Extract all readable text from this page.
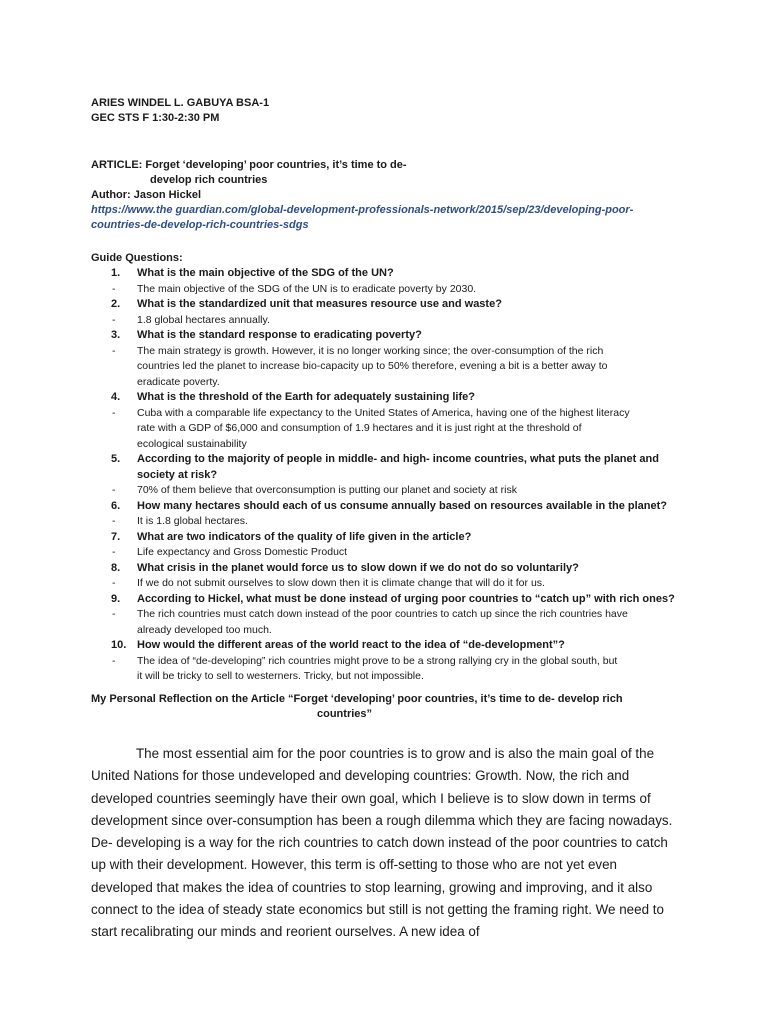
ARIES WINDEL L. GABUYA BSA-1
GEC STS F 1:30-2:30 PM
ARTICLE: Forget ‘developing’ poor countries, it’s time to de-
develop rich countries
Author: Jason Hickel
https://www.the guardian.com/global-development-professionals-network/2015/sep/23/developing-poor-
countries-de-develop-rich-countries-sdgs
Guide Questions:
1. What is the main objective of the SDG of the UN?
- The main objective of the SDG of the UN is to eradicate poverty by 2030.
2. What is the standardized unit that measures resource use and waste?
- 1.8 global hectares annually.
3. What is the standard response to eradicating poverty?
- The main strategy is growth. However, it is no longer working since; the over-consumption of the rich
countries led the planet to increase bio-capacity up to 50% therefore, evening a bit is a better away to
eradicate poverty.
4. What is the threshold of the Earth for adequately sustaining life?
- Cuba with a comparable life expectancy to the United States of America, having one of the highest literacy
rate with a GDP of $6,000 and consumption of 1.9 hectares and it is just right at the threshold of
ecological sustainability
5. According to the majority of people in middle- and high- income countries, what puts the planet and
society at risk?
- 70% of them believe that overconsumption is putting our planet and society at risk
6. How many hectares should each of us consume annually based on resources available in the planet?
- It is 1.8 global hectares.
7. What are two indicators of the quality of life given in the article?
- Life expectancy and Gross Domestic Product
8. What crisis in the planet would force us to slow down if we do not do so voluntarily?
- If we do not submit ourselves to slow down then it is climate change that will do it for us.
9. According to Hickel, what must be done instead of urging poor countries to “catch up” with rich ones?
- The rich countries must catch down instead of the poor countries to catch up since the rich countries have
already developed too much.
10. How would the different areas of the world react to the idea of “de-development”?
- The idea of “de-developing” rich countries might prove to be a strong rallying cry in the global south, but
it will be tricky to sell to westerners. Tricky, but not impossible.
My Personal Reflection on the Article “Forget ‘developing’ poor countries, it’s time to de- develop rich
countries”

The most essential aim for the poor countries is to grow and is also the main goal of the United Nations for those undeveloped and developing countries: Growth. Now, the rich and developed countries seemingly have their own goal, which I believe is to slow down in terms of development since over-consumption has been a rough dilemma which they are facing nowadays. De- developing is a way for the rich countries to catch down instead of the poor countries to catch up with their development. However, this term is off-setting to those who are not yet even developed that makes the idea of countries to stop learning, growing and improving, and it also connect to the idea of steady state economics but still is not getting the framing right. We need to start recalibrating our minds and reorient ourselves. A new idea of
